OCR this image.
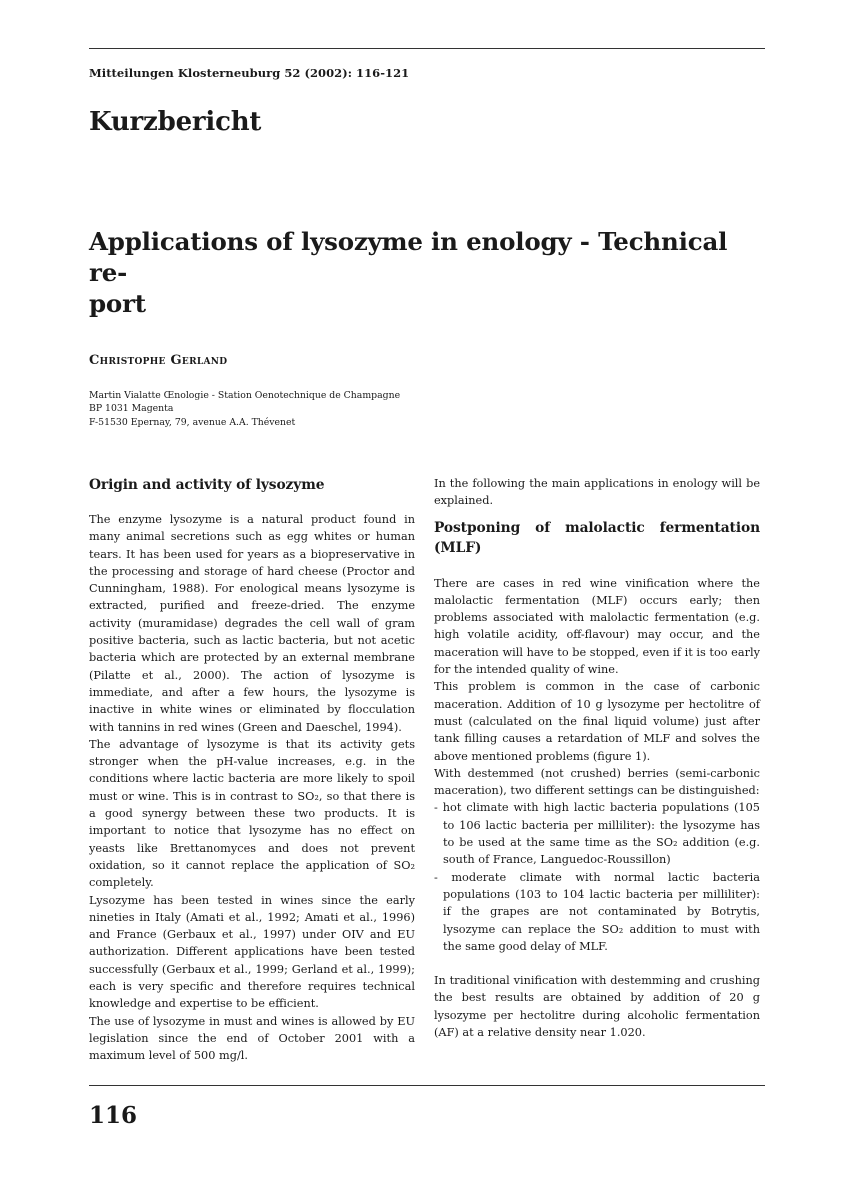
Mitteilungen Klosterneuburg 52 (2002): 116-121
Kurzbericht
Applications of lysozyme in enology - Technical re-
port
Christophe Gerland
Martin Vialatte Œnologie - Station Oenotechnique de Champagne
BP 1031 Magenta
F-51530 Epernay, 79, avenue A.A. Thévenet
Origin and activity of lysozyme

The enzyme lysozyme is a natural product found in many animal secretions such as egg whites or human tears. It has been used for years as a biopreservative in the processing and storage of hard cheese (Proctor and Cunningham, 1988). For enological means lysozyme is extracted, purified and freeze-dried. The enzyme activity (muramidase) degrades the cell wall of gram positive bacteria, such as lactic bacteria, but not acetic bacteria which are protected by an external membrane (Pilatte et al., 2000). The action of lysozyme is immediate, and after a few hours, the lysozyme is inactive in white wines or eliminated by flocculation with tannins in red wines (Green and Daeschel, 1994).

The advantage of lysozyme is that its activity gets stronger when the pH-value increases, e.g. in the conditions where lactic bacteria are more likely to spoil must or wine. This is in contrast to SO₂, so that there is a good synergy between these two products. It is important to notice that lysozyme has no effect on yeasts like Brettanomyces and does not prevent oxidation, so it cannot replace the application of SO₂ completely.

Lysozyme has been tested in wines since the early nineties in Italy (Amati et al., 1992; Amati et al., 1996) and France (Gerbaux et al., 1997) under OIV and EU authorization. Different applications have been tested successfully (Gerbaux et al., 1999; Gerland et al., 1999); each is very specific and therefore requires technical knowledge and expertise to be efficient.

The use of lysozyme in must and wines is allowed by EU legislation since the end of October 2001 with a maximum level of 500 mg/l.

In the following the main applications in enology will be explained.

Postponing of malolactic fermentation (MLF)

There are cases in red wine vinification where the malolactic fermentation (MLF) occurs early; then problems associated with malolactic fermentation (e.g. high volatile acidity, off-flavour) may occur, and the maceration will have to be stopped, even if it is too early for the intended quality of wine.

This problem is common in the case of carbonic maceration. Addition of 10 g lysozyme per hectolitre of must (calculated on the final liquid volume) just after tank filling causes a retardation of MLF and solves the above mentioned problems (figure 1).

With destemmed (not crushed) berries (semi-carbonic maceration), two different settings can be distinguished:

- hot climate with high lactic bacteria populations (105 to 106 lactic bacteria per milliliter): the lysozyme has to be used at the same time as the SO₂ addition (e.g. south of France, Languedoc-Roussillon)

- moderate climate with normal lactic bacteria populations (103 to 104 lactic bacteria per milliliter): if the grapes are not contaminated by Botrytis, lysozyme can replace the SO₂ addition to must with the same good delay of MLF.

In traditional vinification with destemming and crushing the best results are obtained by addition of 20 g lysozyme per hectolitre during alcoholic fermentation (AF) at a relative density near 1.020.

116
